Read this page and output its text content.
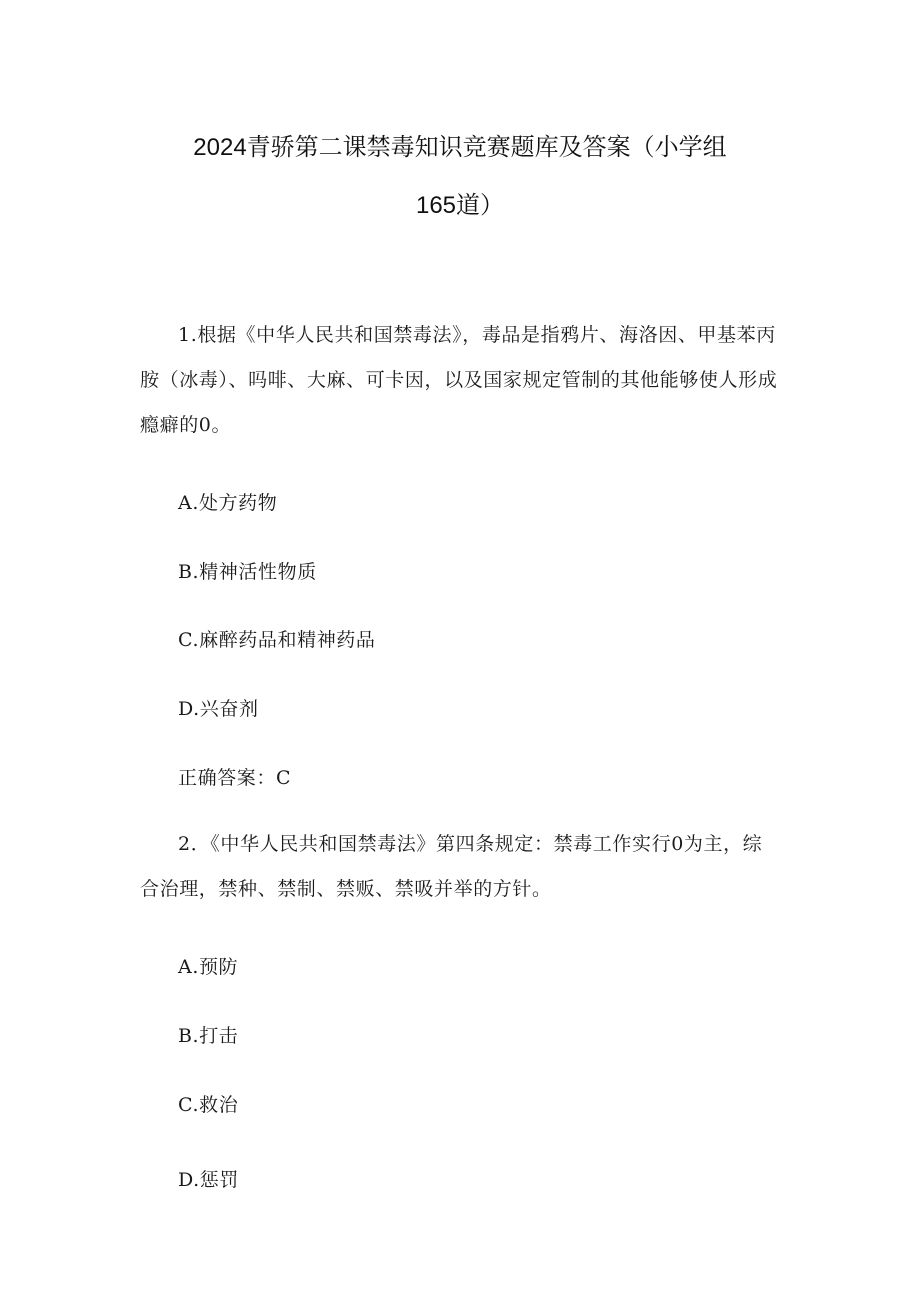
2024青骄第二课禁毒知识竞赛题库及答案（小学组
165道）

1.根据《中华人民共和国禁毒法》，毒品是指鸦片、海洛因、甲基苯丙胺（冰毒）、吗啡、大麻、可卡因，以及国家规定管制的其他能够使人形成瘾癖的0。

A.处方药物

B.精神活性物质

C.麻醉药品和精神药品

D.兴奋剂

正确答案：C

2．《中华人民共和国禁毒法》第四条规定：禁毒工作实行0为主，综合治理，禁种、禁制、禁贩、禁吸并举的方针。

A.预防

B.打击

C.救治

D.惩罚
